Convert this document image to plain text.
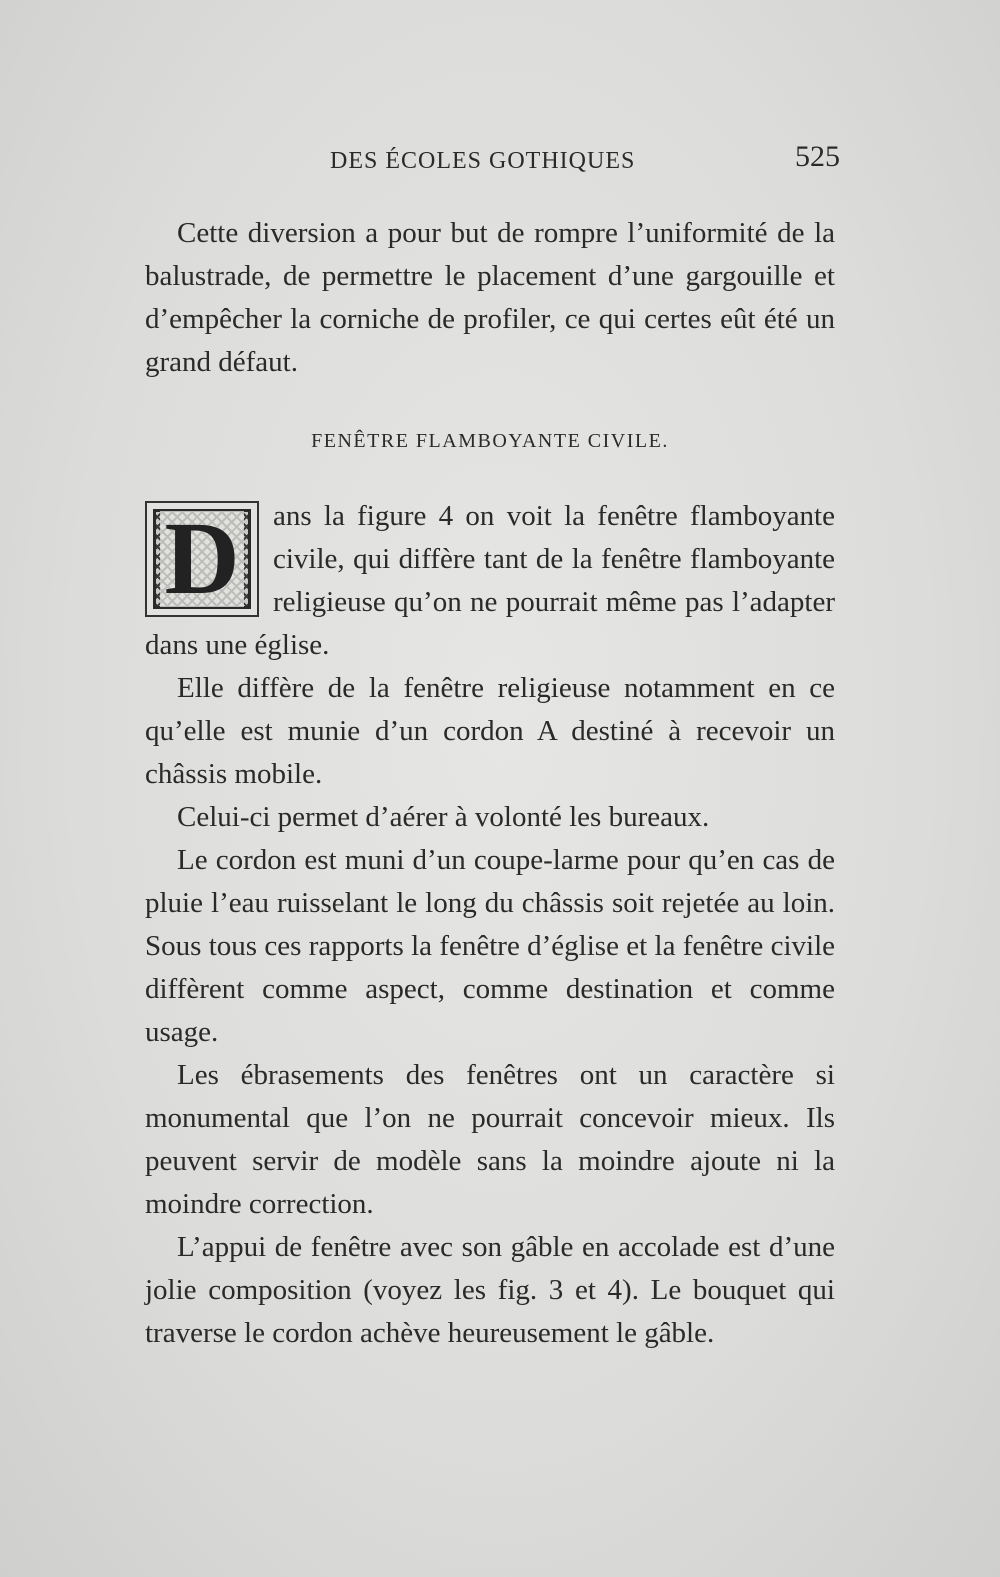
DES ÉCOLES GOTHIQUES	525

Cette diversion a pour but de rompre l’uniformité de la balustrade, de permettre le placement d’une gargouille et d’empêcher la corniche de profiler, ce qui certes eût été un grand défaut.

FENÊTRE FLAMBOYANTE CIVILE.
D	ans la figure 4 on voit la fenêtre flamboyante civile, qui diffère tant de la fenêtre flamboyante religieuse qu’on ne pourrait même pas l’adapter dans une église.

Elle diffère de la fenêtre religieuse notamment en ce qu’elle est munie d’un cordon A destiné à recevoir un châssis mobile.

Celui-ci permet d’aérer à volonté les bureaux.

Le cordon est muni d’un coupe-larme pour qu’en cas de pluie l’eau ruisselant le long du châssis soit rejetée au loin. Sous tous ces rapports la fenêtre d’église et la fenêtre civile diffèrent comme aspect, comme destination et comme usage.

Les ébrasements des fenêtres ont un caractère si monumental que l’on ne pourrait concevoir mieux. Ils peuvent servir de modèle sans la moindre ajoute ni la moindre correction.

L’appui de fenêtre avec son gâble en accolade est d’une jolie composition (voyez les fig. 3 et 4). Le bouquet qui traverse le cordon achève heureusement le gâble.
